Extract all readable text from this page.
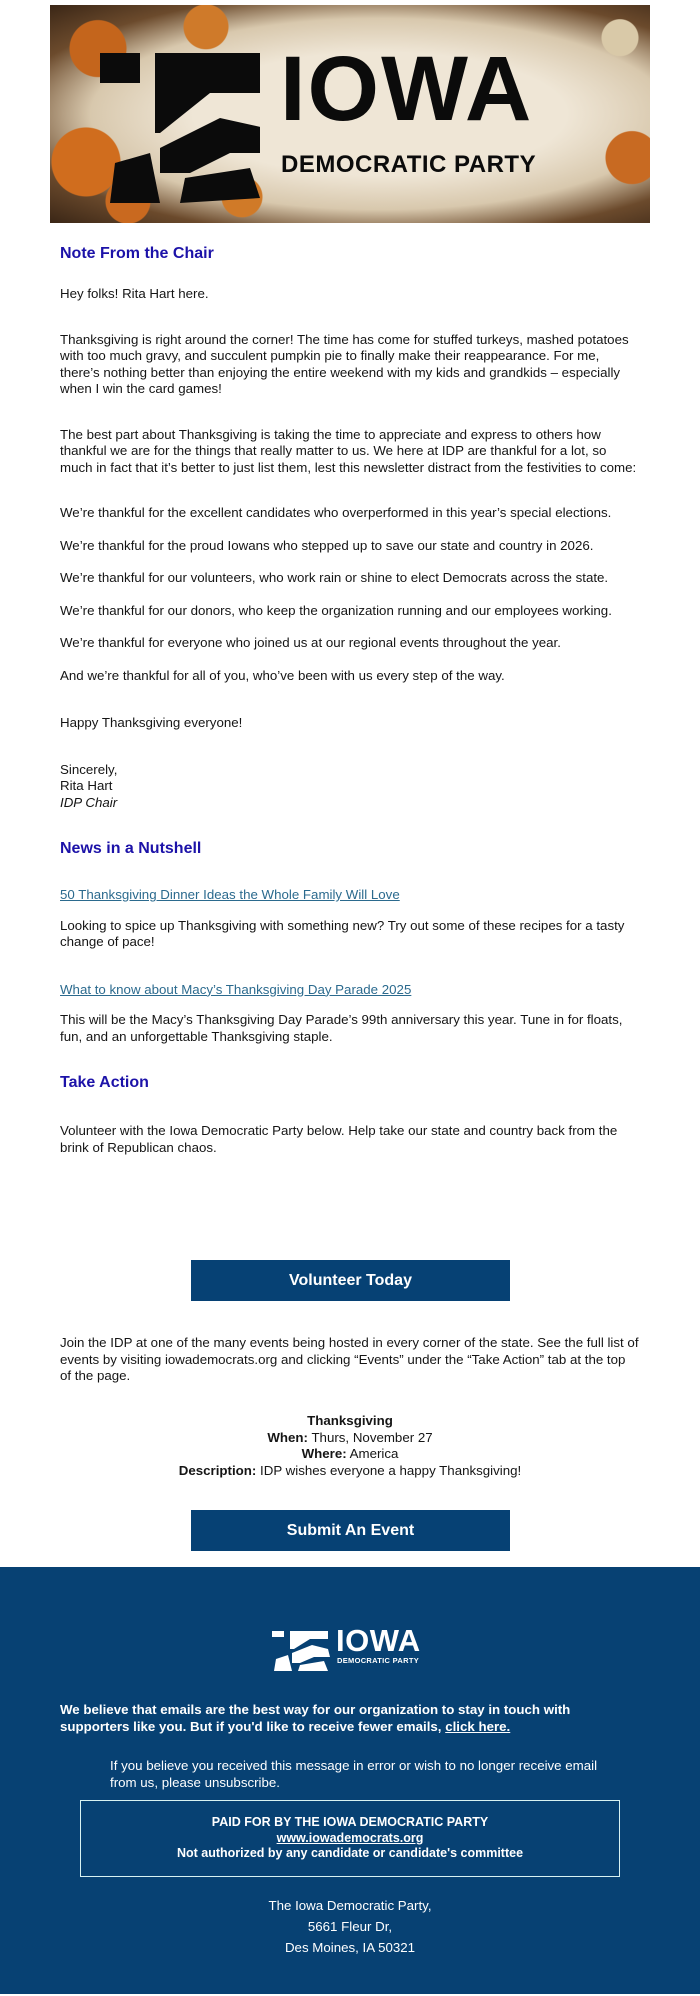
IOWA
DEMOCRATIC PARTY
Note From the Chair
Hey folks! Rita Hart here.
Thanksgiving is right around the corner! The time has come for stuffed turkeys, mashed potatoes with too much gravy, and succulent pumpkin pie to finally make their reappearance. For me, there’s nothing better than enjoying the entire weekend with my kids and grandkids – especially when I win the card games!
The best part about Thanksgiving is taking the time to appreciate and express to others how thankful we are for the things that really matter to us. We here at IDP are thankful for a lot, so much in fact that it’s better to just list them, lest this newsletter distract from the festivities to come:
We’re thankful for the excellent candidates who overperformed in this year’s special elections.
We’re thankful for the proud Iowans who stepped up to save our state and country in 2026.
We’re thankful for our volunteers, who work rain or shine to elect Democrats across the state.
We’re thankful for our donors, who keep the organization running and our employees working.
We’re thankful for everyone who joined us at our regional events throughout the year.
And we’re thankful for all of you, who’ve been with us every step of the way.
Happy Thanksgiving everyone!
Sincerely,
Rita Hart
IDP Chair
News in a Nutshell
50 Thanksgiving Dinner Ideas the Whole Family Will Love
Looking to spice up Thanksgiving with something new? Try out some of these recipes for a tasty change of pace!
What to know about Macy’s Thanksgiving Day Parade 2025
This will be the Macy’s Thanksgiving Day Parade’s 99th anniversary this year. Tune in for floats, fun, and an unforgettable Thanksgiving staple.
Take Action
Volunteer with the Iowa Democratic Party below. Help take our state and country back from the brink of Republican chaos.
Volunteer Today
Join the IDP at one of the many events being hosted in every corner of the state. See the full list of events by visiting iowademocrats.org and clicking “Events” under the “Take Action” tab at the top of the page.
Thanksgiving
When: Thurs, November 27
Where: America
Description: IDP wishes everyone a happy Thanksgiving!
Submit An Event
IOWA
DEMOCRATIC PARTY
We believe that emails are the best way for our organization to stay in touch with supporters like you. But if you'd like to receive fewer emails, click here.
If you believe you received this message in error or wish to no longer receive email from us, please unsubscribe.
PAID FOR BY THE IOWA DEMOCRATIC PARTY
www.iowademocrats.org
Not authorized by any candidate or candidate's committee
The Iowa Democratic Party,
5661 Fleur Dr,
Des Moines, IA 50321
